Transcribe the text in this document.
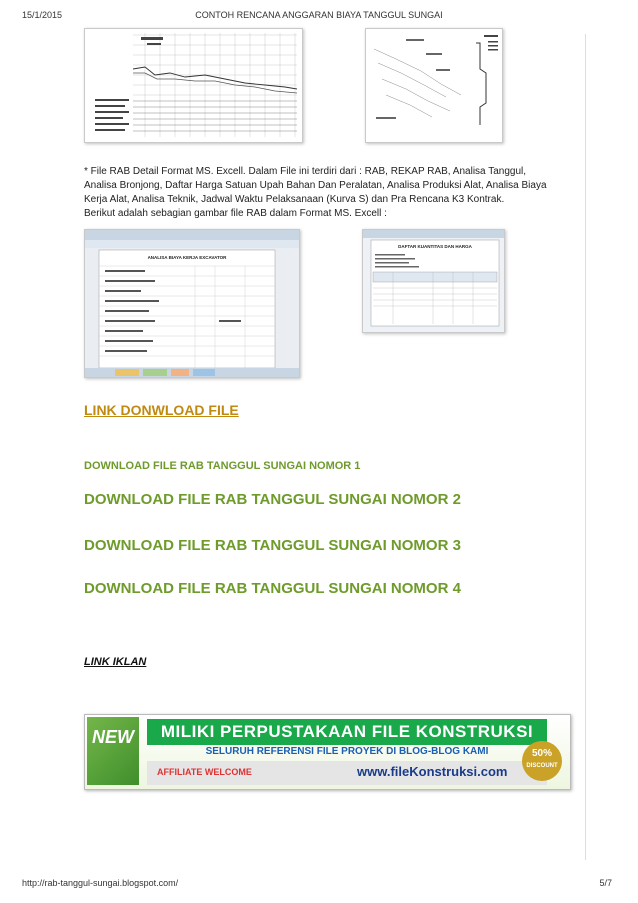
15/1/2015	CONTOH RENCANA ANGGARAN BIAYA TANGGUL SUNGAI
* File RAB Detail Format MS. Excell. Dalam File ini terdiri dari : RAB, REKAP RAB, Analisa Tanggul, Analisa Bronjong, Daftar Harga Satuan Upah Bahan Dan Peralatan, Analisa Produksi Alat, Analisa Biaya Kerja Alat, Analisa Teknik, Jadwal Waktu Pelaksanaan (Kurva S) dan Pra Rencana K3 Kontrak.
Berikut adalah sebagian gambar file RAB dalam Format MS. Excell :
ANALISA BIAYA KERJA EXCAVATOR
DAFTAR KUANTITAS DAN HARGA
LINK DONWLOAD FILE
DOWNLOAD FILE RAB TANGGUL SUNGAI NOMOR 1
DOWNLOAD FILE RAB TANGGUL SUNGAI NOMOR 2
DOWNLOAD FILE RAB TANGGUL SUNGAI NOMOR 3
DOWNLOAD FILE RAB TANGGUL SUNGAI NOMOR 4
LINK IKLAN
NEW	MILIKI PERPUSTAKAAN FILE KONSTRUKSI
SELURUH REFERENSI FILE PROYEK DI BLOG-BLOG KAMI
AFFILIATE WELCOME	www.fileKonstruksi.com
50%
DISCOUNT
http://rab-tanggul-sungai.blogspot.com/	5/7
